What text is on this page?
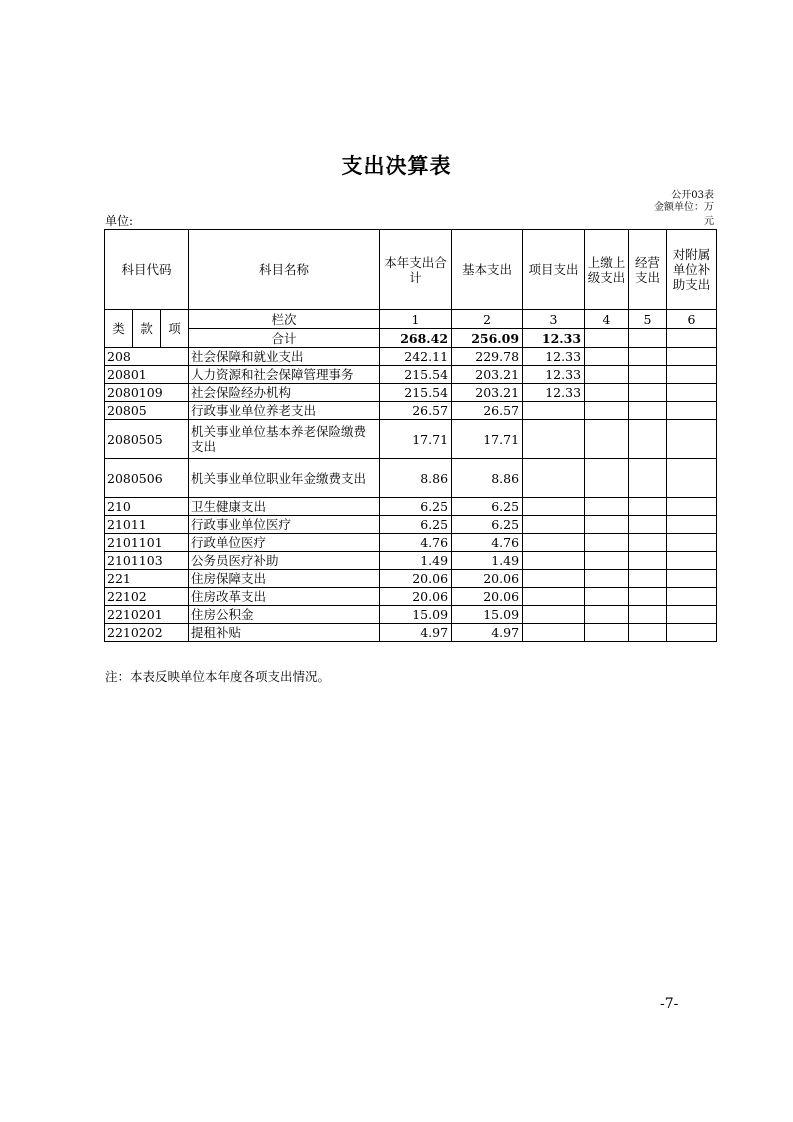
支出决算表
公开03表
金额单位：万元
单位:
科目代码			科目名称	本年支出合计	基本支出	项目支出	上缴上级支出	经营支出	对附属单位补助支出
类	款	项	栏次	1	2	3	4	5	6
			合计	268.42	256.09	12.33			
208			社会保障和就业支出	242.11	229.78	12.33			
20801			人力资源和社会保障管理事务	215.54	203.21	12.33			
2080109			社会保险经办机构	215.54	203.21	12.33			
20805			行政事业单位养老支出	26.57	26.57				
2080505			机关事业单位基本养老保险缴费支出	17.71	17.71				
2080506			机关事业单位职业年金缴费支出	8.86	8.86				
210			卫生健康支出	6.25	6.25				
21011			行政事业单位医疗	6.25	6.25				
2101101			行政单位医疗	4.76	4.76				
2101103			公务员医疗补助	1.49	1.49				
221			住房保障支出	20.06	20.06				
22102			住房改革支出	20.06	20.06				
2210201			住房公积金	15.09	15.09				
2210202			提租补贴	4.97	4.97				
注：本表反映单位本年度各项支出情况。
-7-
